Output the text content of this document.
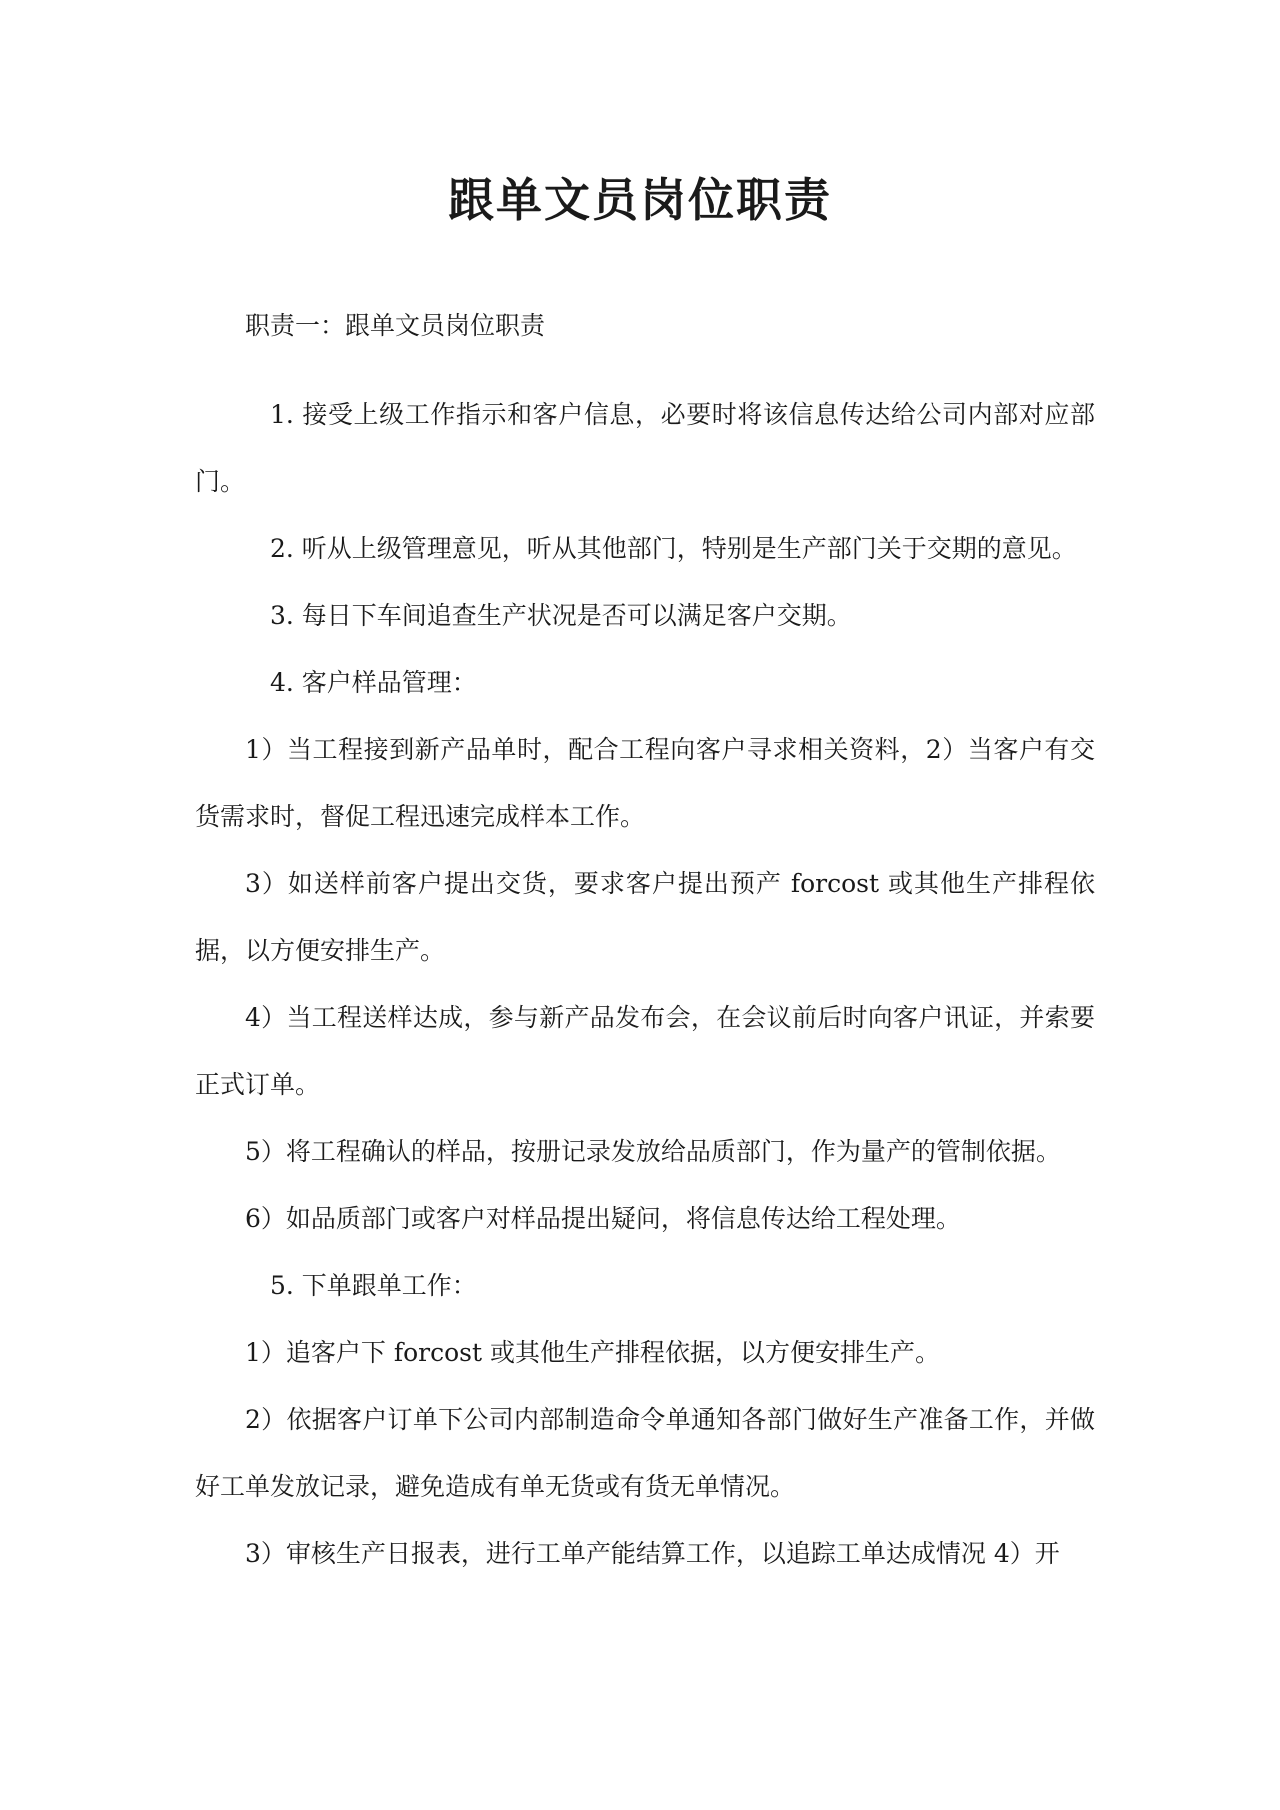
跟单文员岗位职责

职责一：跟单文员岗位职责

1. 接受上级工作指示和客户信息，必要时将该信息传达给公司内部对应部门。

2. 听从上级管理意见，听从其他部门，特别是生产部门关于交期的意见。

3. 每日下车间追查生产状况是否可以满足客户交期。

4. 客户样品管理：

1）当工程接到新产品单时，配合工程向客户寻求相关资料，2）当客户有交货需求时，督促工程迅速完成样本工作。

3）如送样前客户提出交货，要求客户提出预产 forcost 或其他生产排程依据，以方便安排生产。

4）当工程送样达成，参与新产品发布会，在会议前后时向客户讯证，并索要正式订单。

5）将工程确认的样品，按册记录发放给品质部门，作为量产的管制依据。

6）如品质部门或客户对样品提出疑问，将信息传达给工程处理。

5. 下单跟单工作：

1）追客户下 forcost 或其他生产排程依据，以方便安排生产。

2）依据客户订单下公司内部制造命令单通知各部门做好生产准备工作，并做好工单发放记录，避免造成有单无货或有货无单情况。

3）审核生产日报表，进行工单产能结算工作，以追踪工单达成情况 4）开
